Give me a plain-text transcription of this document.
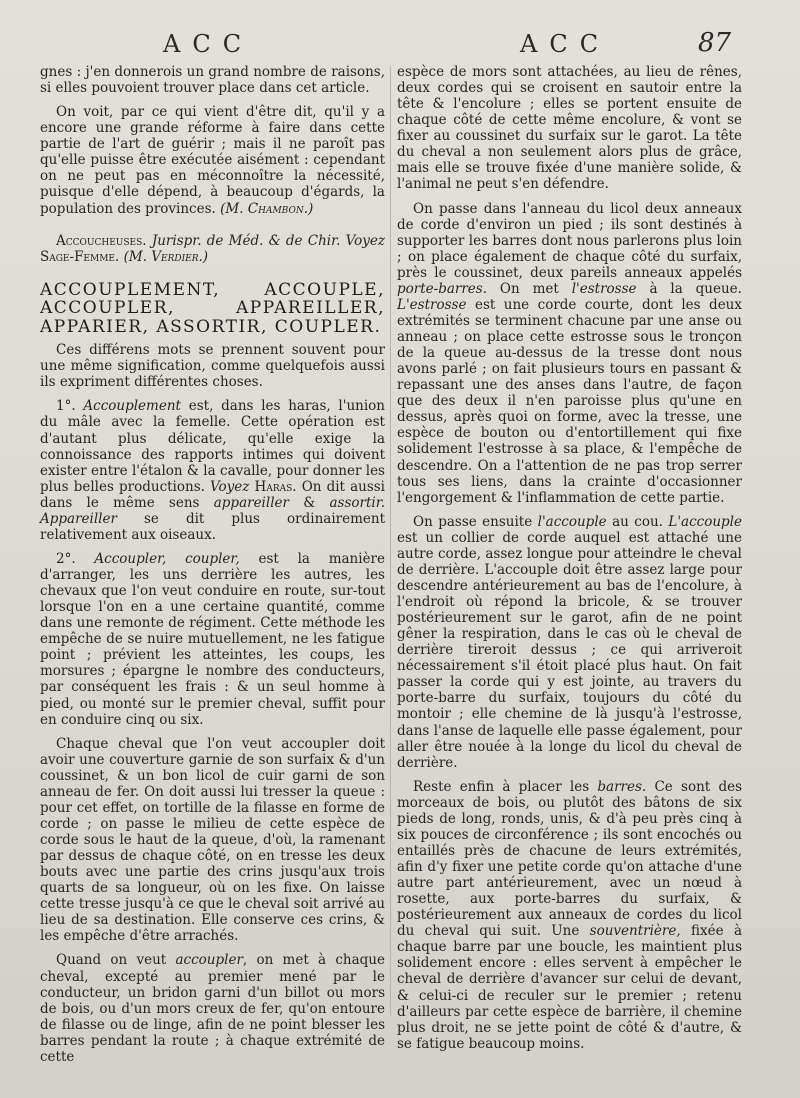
ACC	ACC	87

gnes : j'en donnerois un grand nombre de raisons, si elles pouvoient trouver place dans cet article.

On voit, par ce qui vient d'être dit, qu'il y a encore une grande réforme à faire dans cette partie de l'art de guérir ; mais il ne paroît pas qu'elle puisse être exécutée aisément : cependant on ne peut pas en méconnoître la nécessité, puisque d'elle dépend, à beaucoup d'égards, la population des provinces. (M. Chambon.)

Accoucheuses. Jurispr. de Méd. & de Chir. Voyez Sage-Femme. (M. Verdier.)

ACCOUPLEMENT, ACCOUPLE, ACCOUPLER, APPAREILLER, APPARIER, ASSORTIR, COUPLER.

Ces différens mots se prennent souvent pour une même signification, comme quelquefois aussi ils expriment différentes choses.

1°. Accouplement est, dans les haras, l'union du mâle avec la femelle. Cette opération est d'autant plus délicate, qu'elle exige la connoissance des rapports intimes qui doivent exister entre l'étalon & la cavalle, pour donner les plus belles productions. Voyez Haras. On dit aussi dans le même sens appareiller & assortir. Appareiller se dit plus ordinairement relativement aux oiseaux.

2°. Accoupler, coupler, est la manière d'arranger, les uns derrière les autres, les chevaux que l'on veut conduire en route, sur-tout lorsque l'on en a une certaine quantité, comme dans une remonte de régiment. Cette méthode les empêche de se nuire mutuellement, ne les fatigue point ; prévient les atteintes, les coups, les morsures ; épargne le nombre des conducteurs, par conséquent les frais : & un seul homme à pied, ou monté sur le premier cheval, suffit pour en conduire cinq ou six.

Chaque cheval que l'on veut accoupler doit avoir une couverture garnie de son surfaix & d'un coussinet, & un bon licol de cuir garni de son anneau de fer. On doit aussi lui tresser la queue : pour cet effet, on tortille de la filasse en forme de corde ; on passe le milieu de cette espèce de corde sous le haut de la queue, d'où, la ramenant par dessus de chaque côté, on en tresse les deux bouts avec une partie des crins jusqu'aux trois quarts de sa longueur, où on les fixe. On laisse cette tresse jusqu'à ce que le cheval soit arrivé au lieu de sa destination. Elle conserve ces crins, & les empêche d'être arrachés.

Quand on veut accoupler, on met à chaque cheval, excepté au premier mené par le conducteur, un bridon garni d'un billot ou mors de bois, ou d'un mors creux de fer, qu'on entoure de filasse ou de linge, afin de ne point blesser les barres pendant la route ; à chaque extrémité de cette

espèce de mors sont attachées, au lieu de rênes, deux cordes qui se croisent en sautoir entre la tête & l'encolure ; elles se portent ensuite de chaque côté de cette même encolure, & vont se fixer au coussinet du surfaix sur le garot. La tête du cheval a non seulement alors plus de grâce, mais elle se trouve fixée d'une manière solide, & l'animal ne peut s'en défendre.

On passe dans l'anneau du licol deux anneaux de corde d'environ un pied ; ils sont destinés à supporter les barres dont nous parlerons plus loin ; on place également de chaque côté du surfaix, près le coussinet, deux pareils anneaux appelés porte-barres. On met l'estrosse à la queue. L'estrosse est une corde courte, dont les deux extrémités se terminent chacune par une anse ou anneau ; on place cette estrosse sous le tronçon de la queue au-dessus de la tresse dont nous avons parlé ; on fait plusieurs tours en passant & repassant une des anses dans l'autre, de façon que des deux il n'en paroisse plus qu'une en dessus, après quoi on forme, avec la tresse, une espèce de bouton ou d'entortillement qui fixe solidement l'estrosse à sa place, & l'empêche de descendre. On a l'attention de ne pas trop serrer tous ses liens, dans la crainte d'occasionner l'engorgement & l'inflammation de cette partie.

On passe ensuite l'accouple au cou. L'accouple est un collier de corde auquel est attaché une autre corde, assez longue pour atteindre le cheval de derrière. L'accouple doit être assez large pour descendre antérieurement au bas de l'encolure, à l'endroit où répond la bricole, & se trouver postérieurement sur le garot, afin de ne point gêner la respiration, dans le cas où le cheval de derrière tireroit dessus ; ce qui arriveroit nécessairement s'il étoit placé plus haut. On fait passer la corde qui y est jointe, au travers du porte-barre du surfaix, toujours du côté du montoir ; elle chemine de là jusqu'à l'estrosse, dans l'anse de laquelle elle passe également, pour aller être nouée à la longe du licol du cheval de derrière.

Reste enfin à placer les barres. Ce sont des morceaux de bois, ou plutôt des bâtons de six pieds de long, ronds, unis, & d'à peu près cinq à six pouces de circonférence ; ils sont encochés ou entaillés près de chacune de leurs extrémités, afin d'y fixer une petite corde qu'on attache d'une autre part antérieurement, avec un nœud à rosette, aux porte-barres du surfaix, & postérieurement aux anneaux de cordes du licol du cheval qui suit. Une souventrière, fixée à chaque barre par une boucle, les maintient plus solidement encore : elles servent à empêcher le cheval de derrière d'avancer sur celui de devant, & celui-ci de reculer sur le premier ; retenu d'ailleurs par cette espèce de barrière, il chemine plus droit, ne se jette point de côté & d'autre, & se fatigue beaucoup moins.
